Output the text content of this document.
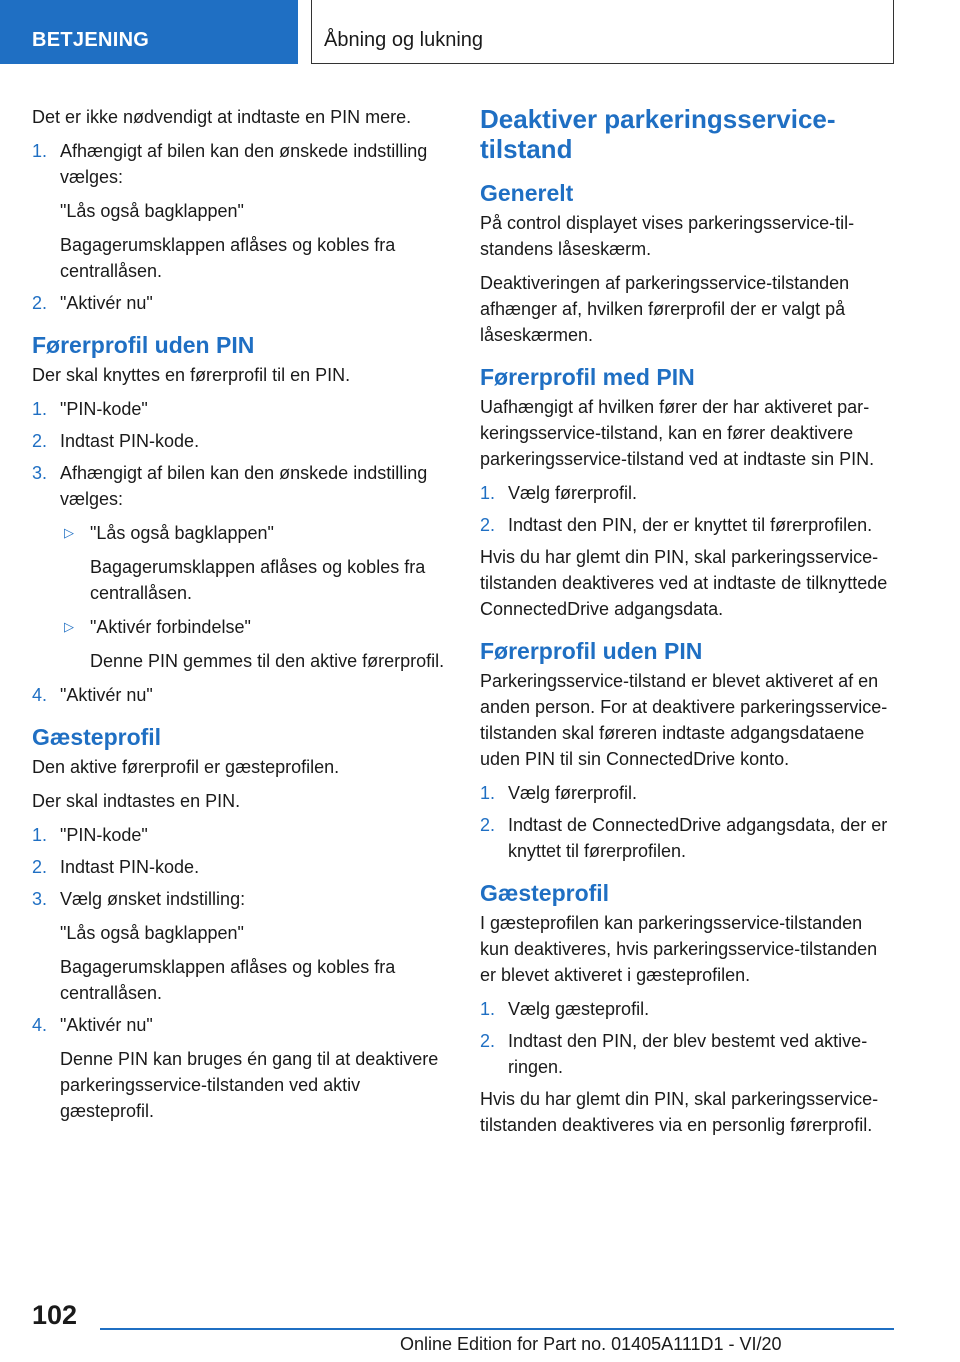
BETJENING	Åbning og lukning

Det er ikke nødvendigt at indtaste en PIN mere.

1. Afhængigt af bilen kan den ønskede indstilling vælges:
"Lås også bagklappen"
Bagagerumsklappen aflåses og kobles fra centrallåsen.
2. "Aktivér nu"
Førerprofil uden PIN

Der skal knyttes en førerprofil til en PIN.

1. "PIN-kode"
2. Indtast PIN-kode.
3. Afhængigt af bilen kan den ønskede indstilling vælges:
▷ "Lås også bagklappen"
Bagagerumsklappen aflåses og kobles fra centrallåsen.
▷ "Aktivér forbindelse"
Denne PIN gemmes til den aktive førerprofil.
4. "Aktivér nu"
Gæsteprofil

Den aktive førerprofil er gæsteprofilen.

Der skal indtastes en PIN.

1. "PIN-kode"
2. Indtast PIN-kode.
3. Vælg ønsket indstilling:
"Lås også bagklappen"
Bagagerumsklappen aflåses og kobles fra centrallåsen.
4. "Aktivér nu"
Denne PIN kan bruges én gang til at deaktivere parkeringsservice-tilstanden ved aktiv gæsteprofil.
Deaktiver parkeringsservice-tilstand
Generelt

På control displayet vises parkeringsservice-tilstandens låseskærm.

Deaktiveringen af parkeringsservice-tilstanden afhænger af, hvilken førerprofil der er valgt på låseskærmen.

Førerprofil med PIN

Uafhængigt af hvilken fører der har aktiveret parkeringsservice-tilstand, kan en fører deaktivere parkeringsservice-tilstand ved at indtaste sin PIN.

1. Vælg førerprofil.
2. Indtast den PIN, der er knyttet til førerprofilen.

Hvis du har glemt din PIN, skal parkeringsservice-tilstanden deaktiveres ved at indtaste de tilknyttede ConnectedDrive adgangsdata.

Førerprofil uden PIN

Parkeringsservice-tilstand er blevet aktiveret af en anden person. For at deaktivere parkeringsservice-tilstanden skal føreren indtaste adgangsdataene uden PIN til sin ConnectedDrive konto.

1. Vælg førerprofil.
2. Indtast de ConnectedDrive adgangsdata, der er knyttet til førerprofilen.
Gæsteprofil

I gæsteprofilen kan parkeringsservice-tilstanden kun deaktiveres, hvis parkeringsservice-tilstanden er blevet aktiveret i gæsteprofilen.

1. Vælg gæsteprofil.
2. Indtast den PIN, der blev bestemt ved aktiveringen.

Hvis du har glemt din PIN, skal parkeringsservice-tilstanden deaktiveres via en personlig førerprofil.

102
Online Edition for Part no. 01405A111D1 - VI/20
